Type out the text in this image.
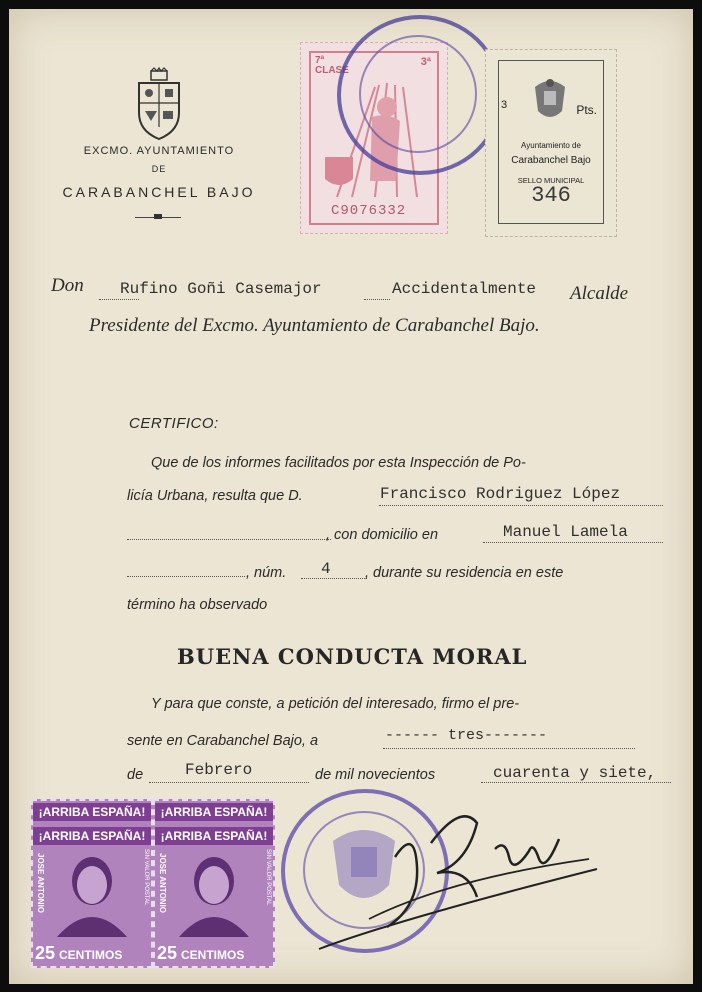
EXCMO. AYUNTAMIENTO
DE
CARABANCHEL BAJO
7ª CLASE
3ª
C9076332
3	Pts.
Ayuntamiento de
Carabanchel Bajo
SELLO MUNICIPAL
346
Don Rufino Goñi Casemajor	Accidentalmente Alcalde
Presidente del Excmo. Ayuntamiento de Carabanchel Bajo.
CERTIFICO:
Que de los informes facilitados por esta Inspección de Po-
licía Urbana, resulta que D.	Francisco Rodriguez López
, con domicilio en	Manuel Lamela
, núm. 4 , durante su residencia en este
término ha observado
BUENA CONDUCTA MORAL
Y para que conste, a petición del interesado, firmo el pre-
sente en Carabanchel Bajo, a	------ tres-------
de	Febrero	de mil novecientos	cuarenta y siete,
¡ARRIBA ESPAÑA!
¡ARRIBA ESPAÑA!
JOSE ANTONIO	SIN VALOR POSTAL
25 CENTIMOS
¡ARRIBA ESPAÑA!
¡ARRIBA ESPAÑA!
JOSE ANTONIO	SIN VALOR POSTAL
25 CENTIMOS
